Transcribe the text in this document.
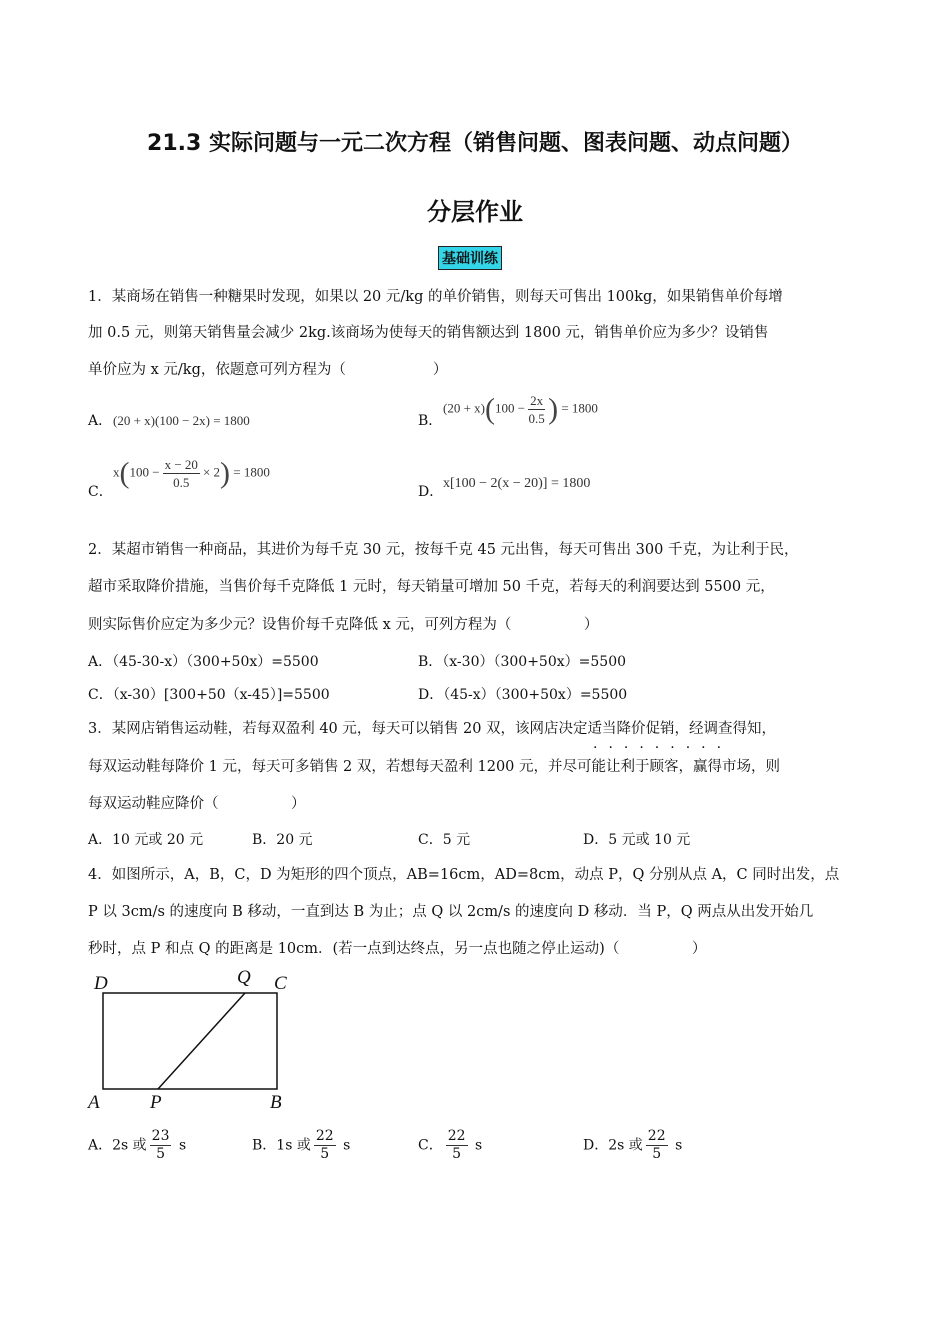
21.3 实际问题与一元二次方程（销售问题、图表问题、动点问题）
分层作业
基础训练
1．某商场在销售一种糖果时发现，如果以 20 元/kg 的单价销售，则每天可售出 100kg，如果销售单价每增
加 0.5 元，则第天销售量会减少 2kg.该商场为使每天的销售额达到 1800 元，销售单价应为多少？设销售
单价应为 x 元/kg，依题意可列方程为（　　　　　　）
A． (20 + x)(100 − 2x) = 1800	B．
$(20 + x)(100 - \frac{2x}{0.5}$ ) = 1800
C．
$x(100 - \frac{x - 20}{0.5} \times 2) = 1800$
D．
x[100 − 2(x − 20)] = 1800
2．某超市销售一种商品，其进价为每千克 30 元，按每千克 45 元出售，每天可售出 300 千克，为让利于民，
超市采取降价措施，当售价每千克降低 1 元时，每天销量可增加 50 千克，若每天的利润要达到 5500 元，
则实际售价应定为多少元？设售价每千克降低 x 元，可列方程为（　　　　　）
A．（45-30-x）（300+50x）=5500	B．（x-30）（300+50x）=5500
C．（x-30）[300+50（x-45）]=5500	D．（45-x）（300+50x）=5500
3．某网店销售运动鞋，若每双盈利 40 元，每天可以销售 20 双，该网店决定适当降价促销，经调查得知，
·········
每双运动鞋每降价 1 元，每天可多销售 2 双，若想每天盈利 1200 元，并尽可能让利于顾客，赢得市场，则
每双运动鞋应降价（　　　　　）
A．10 元或 20 元	B．20 元	C．5 元	D．5 元或 10 元
4．如图所示，A，B，C，D 为矩形的四个顶点，AB=16cm，AD=8cm，动点 P，Q 分别从点 A，C 同时出发，点
P 以 3cm/s 的速度向 B 移动，一直到达 B 为止；点 Q 以 2cm/s 的速度向 D 移动．当 P，Q 两点从出发开始几
秒时，点 P 和点 Q 的距离是 10cm．(若一点到达终点，另一点也随之停止运动)（　　　　　）
D	Q C
A	P	B
A．2s 或 $\frac{23}{5}$ s	B．1s 或 $\frac{22}{5}$ s	C． $\frac{22}{5}$ s	D．2s 或 $\frac{22}{5}$ s
